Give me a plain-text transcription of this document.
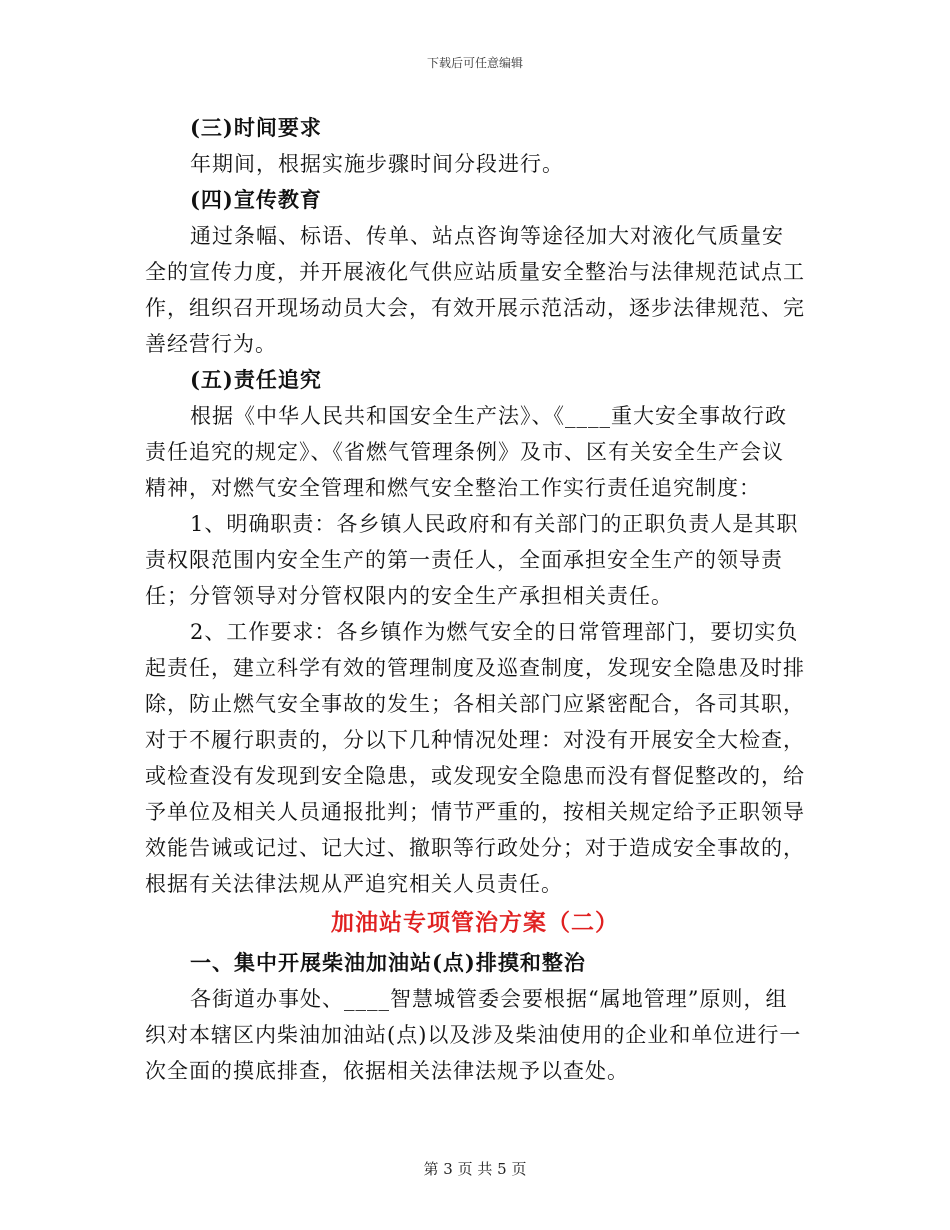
下载后可任意编辑

(三)时间要求

年期间，根据实施步骤时间分段进行。

(四)宣传教育

通过条幅、标语、传单、站点咨询等途径加大对液化气质量安全的宣传力度，并开展液化气供应站质量安全整治与法律规范试点工作，组织召开现场动员大会，有效开展示范活动，逐步法律规范、完善经营行为。

(五)责任追究

根据《中华人民共和国安全生产法》、《____重大安全事故行政责任追究的规定》、《省燃气管理条例》及市、区有关安全生产会议精神，对燃气安全管理和燃气安全整治工作实行责任追究制度：

1、明确职责：各乡镇人民政府和有关部门的正职负责人是其职责权限范围内安全生产的第一责任人，全面承担安全生产的领导责任；分管领导对分管权限内的安全生产承担相关责任。

2、工作要求：各乡镇作为燃气安全的日常管理部门，要切实负起责任，建立科学有效的管理制度及巡查制度，发现安全隐患及时排除，防止燃气安全事故的发生；各相关部门应紧密配合，各司其职，对于不履行职责的，分以下几种情况处理：对没有开展安全大检查，或检查没有发现到安全隐患，或发现安全隐患而没有督促整改的，给予单位及相关人员通报批判；情节严重的，按相关规定给予正职领导效能告诫或记过、记大过、撤职等行政处分；对于造成安全事故的，根据有关法律法规从严追究相关人员责任。

加油站专项管治方案（二）

一、集中开展柴油加油站(点)排摸和整治

各街道办事处、____智慧城管委会要根据“属地管理”原则，组织对本辖区内柴油加油站(点)以及涉及柴油使用的企业和单位进行一次全面的摸底排查，依据相关法律法规予以查处。

第 3 页 共 5 页
